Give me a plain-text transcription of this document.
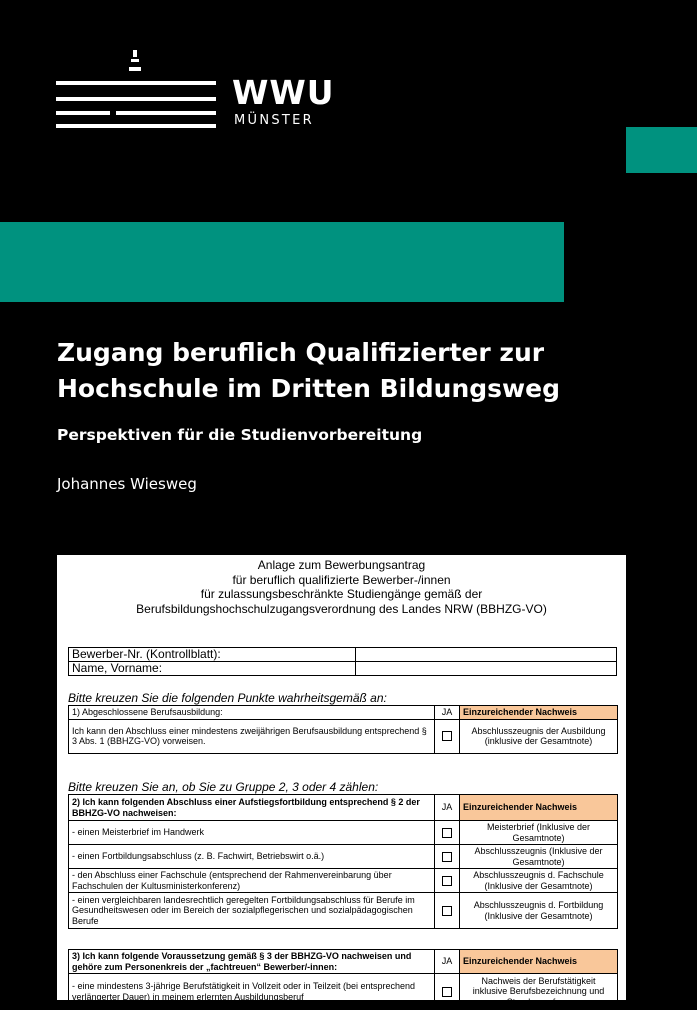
WWU
MÜNSTER
Zugang beruflich Qualifizierter zur Hochschule im Dritten Bildungsweg
Perspektiven für die Studienvorbereitung
Johannes Wiesweg
Anlage zum Bewerbungsantrag
für beruflich qualifizierte Bewerber-/innen
für zulassungsbeschränkte Studiengänge gemäß der
Berufsbildungshochschulzugangsverordnung des Landes NRW (BBHZG-VO)
Bewerber-Nr. (Kontrollblatt):	
Name, Vorname:	
Bitte kreuzen Sie die folgenden Punkte wahrheitsgemäß an:
1) Abgeschlossene Berufsausbildung:	JA	Einzureichender Nachweis
Ich kann den Abschluss einer mindestens zweijährigen Berufsausbildung entsprechend § 3 Abs. 1 (BBHZG-VO) vorweisen.		Abschlusszeugnis der Ausbildung (inklusive der Gesamtnote)
Bitte kreuzen Sie an, ob Sie zu Gruppe 2, 3 oder 4 zählen:
2) Ich kann folgenden Abschluss einer Aufstiegsfortbildung entsprechend § 2 der BBHZG-VO nachweisen:	JA	Einzureichender Nachweis
- einen Meisterbrief im Handwerk		Meisterbrief (Inklusive der Gesamtnote)
- einen Fortbildungsabschluss (z. B. Fachwirt, Betriebswirt o.ä.)		Abschlusszeugnis (Inklusive der Gesamtnote)
- den Abschluss einer Fachschule (entsprechend der Rahmenvereinbarung über Fachschulen der Kultusministerkonferenz)		Abschlusszeugnis d. Fachschule (Inklusive der Gesamtnote)
- einen vergleichbaren landesrechtlich geregelten Fortbildungsabschluss für Berufe im Gesundheitswesen oder im Bereich der sozialpflegerischen und sozialpädagogischen Berufe		Abschlusszeugnis d. Fortbildung (Inklusive der Gesamtnote)
3) Ich kann folgende Voraussetzung gemäß § 3 der BBHZG-VO nachweisen und gehöre zum Personenkreis der „fachtreuen“ Bewerber/-innen:	JA	Einzureichender Nachweis
- eine mindestens 3-jährige Berufstätigkeit in Vollzeit oder in Teilzeit (bei entsprechend verlängerter Dauer) in meinem erlernten Ausbildungsberuf		Nachweis der Berufstätigkeit inklusive Berufsbezeichnung und Stundenumfang
